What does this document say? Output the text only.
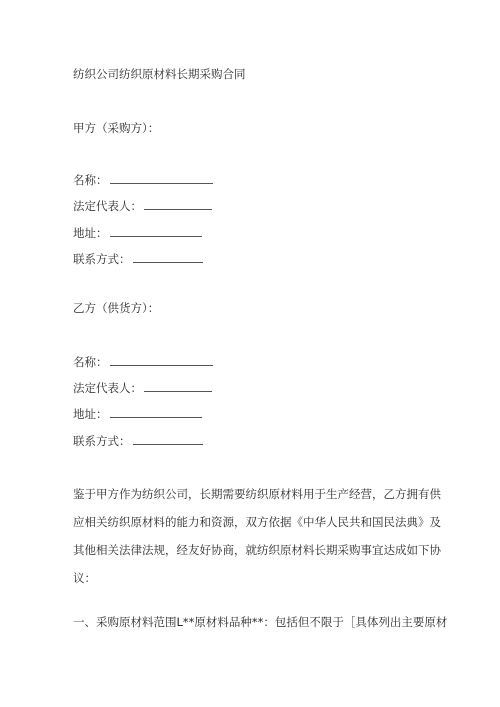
纺织公司纺织原材料长期采购合同
甲方（采购方）：
名称：
法定代表人：
地址：
联系方式：
乙方（供货方）：
名称：
法定代表人：
地址：
联系方式：
鉴于甲方作为纺织公司，长期需要纺织原材料用于生产经营，乙方拥有供
应相关纺织原材料的能力和资源，双方依据《中华人民共和国民法典》及
其他相关法律法规，经友好协商，就纺织原材料长期采购事宜达成如下协
议：
一、采购原材料范围L**原材料品种**：包括但不限于［具体列出主要原材
